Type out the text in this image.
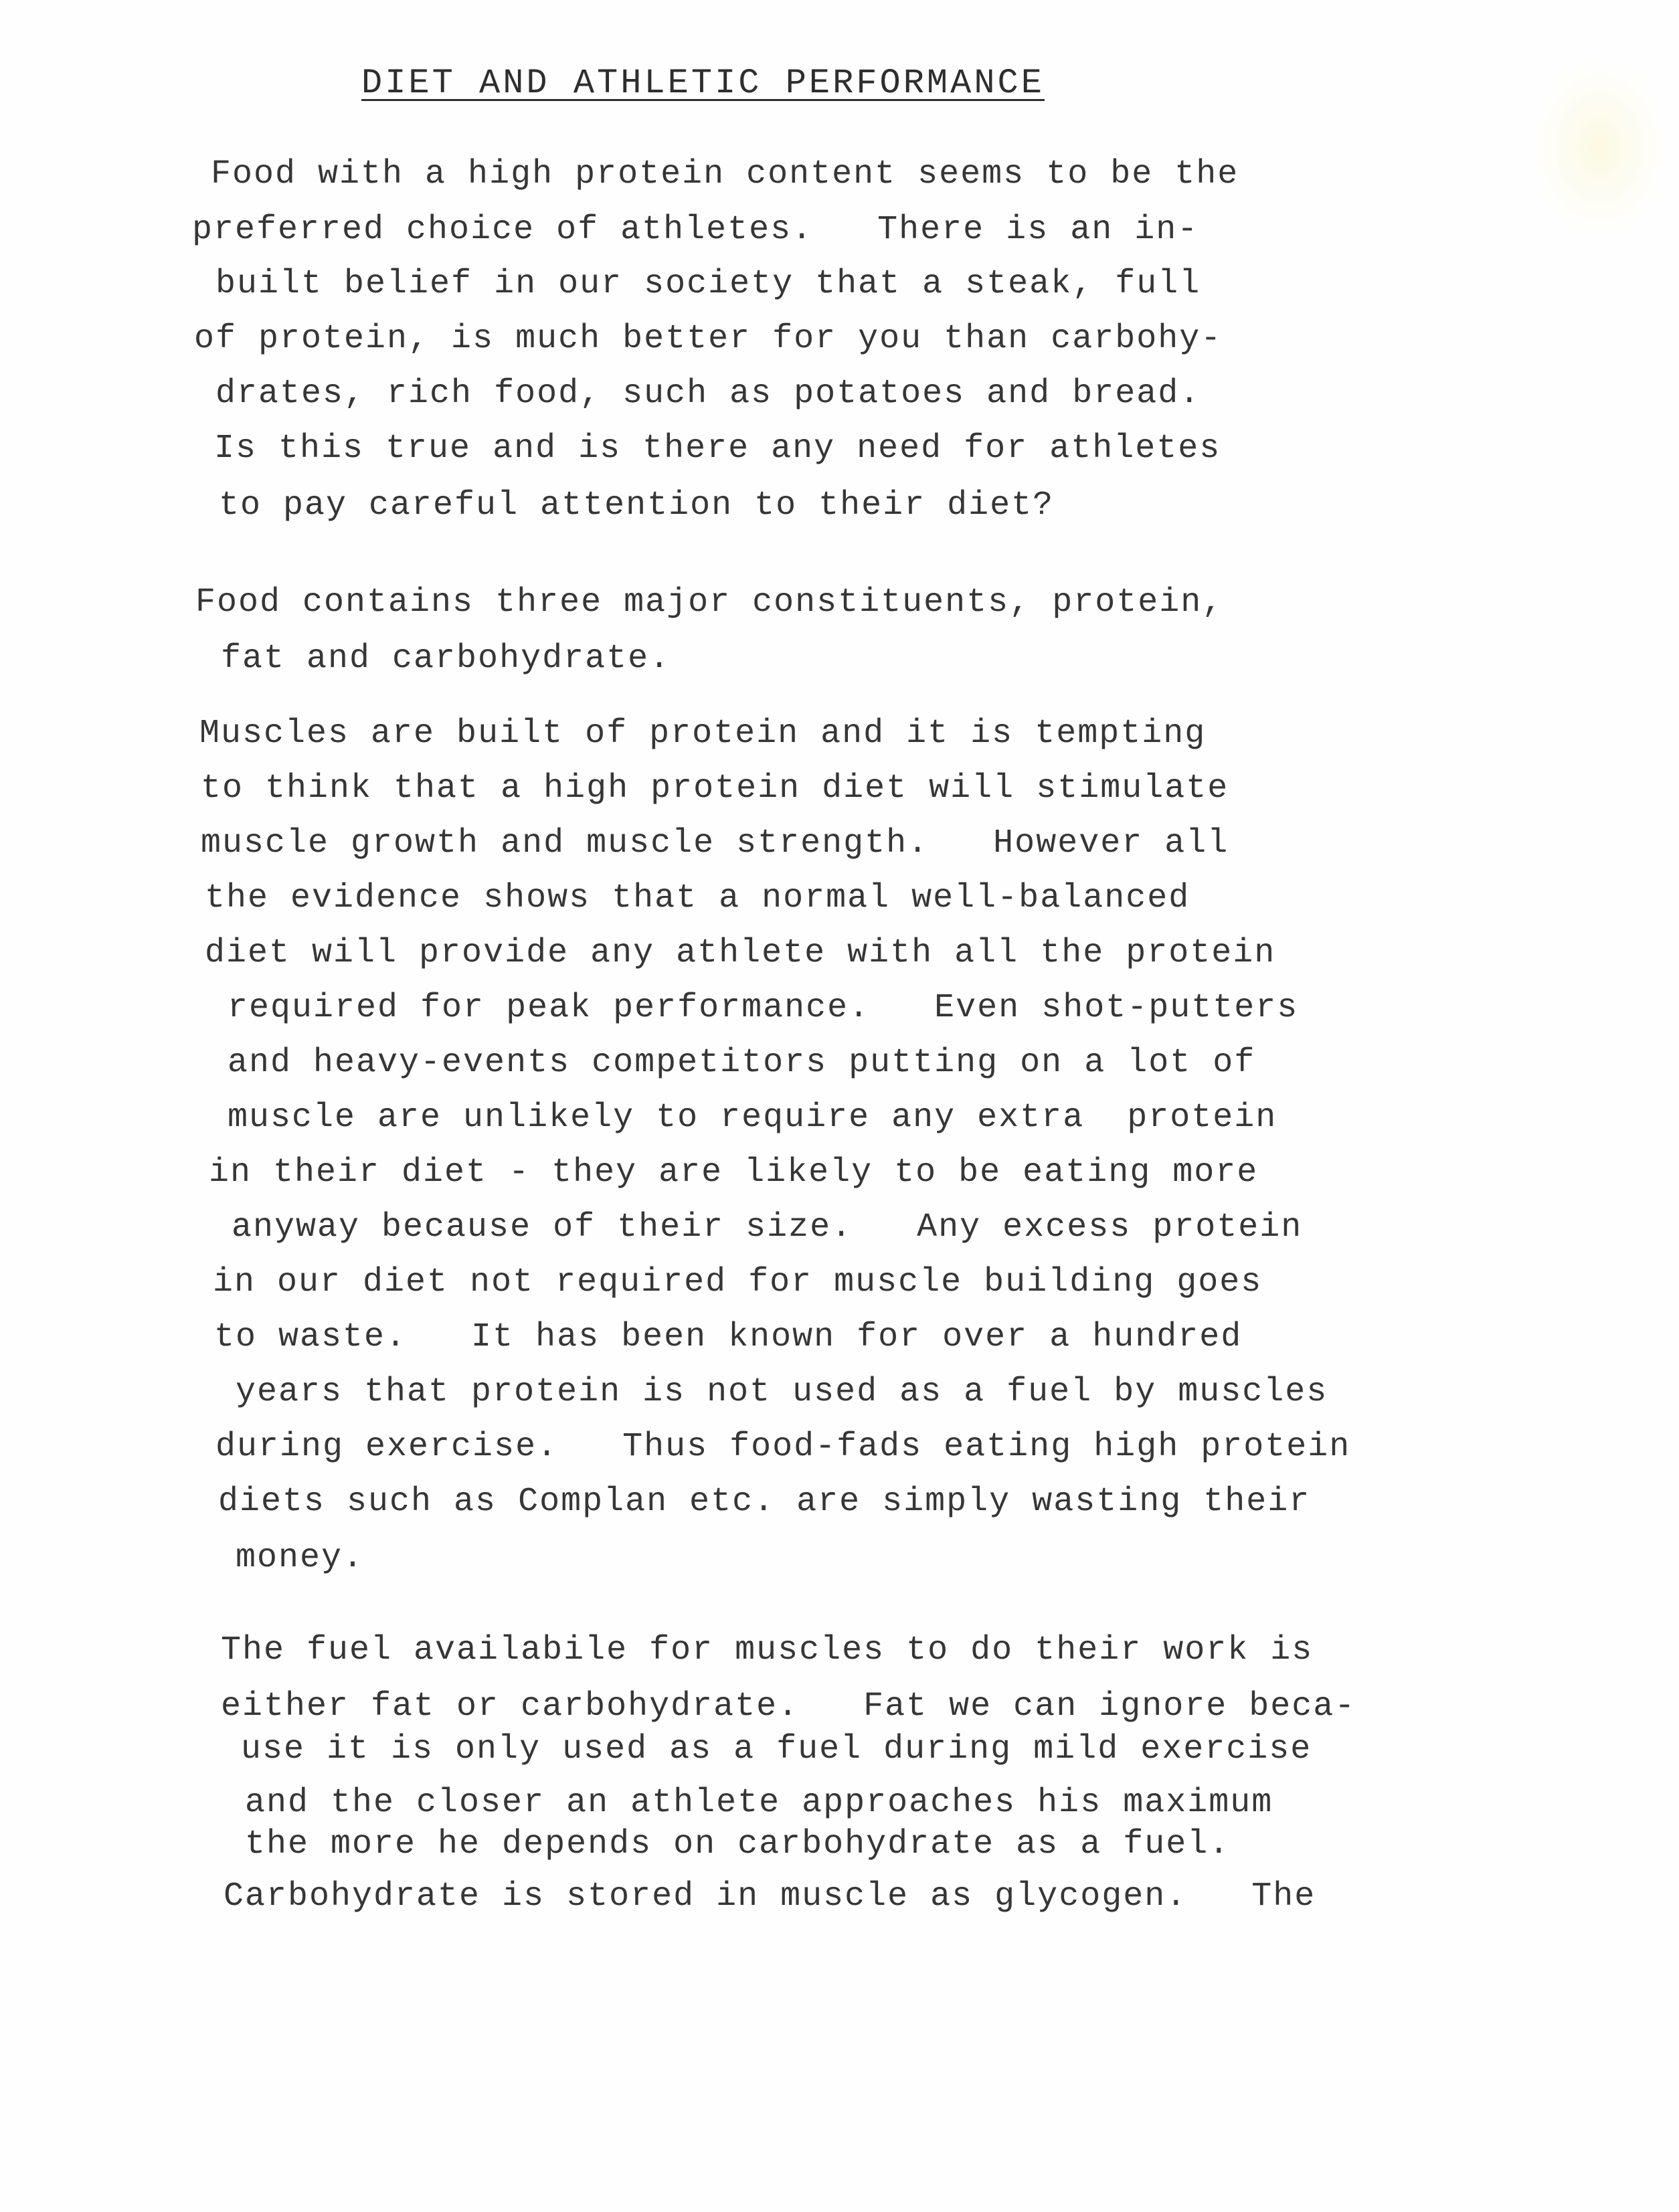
DIET AND ATHLETIC PERFORMANCE
Food with a high protein content seems to be the
preferred choice of athletes.   There is an in-
built belief in our society that a steak, full
of protein, is much better for you than carbohy-
drates, rich food, such as potatoes and bread.
Is this true and is there any need for athletes
to pay careful attention to their diet?
Food contains three major constituents, protein,
fat and carbohydrate.
Muscles are built of protein and it is tempting
to think that a high protein diet will stimulate
muscle growth and muscle strength.   However all
the evidence shows that a normal well-balanced
diet will provide any athlete with all the protein
required for peak performance.   Even shot-putters
and heavy-events competitors putting on a lot of
muscle are unlikely to require any extra  protein
in their diet - they are likely to be eating more
anyway because of their size.   Any excess protein
in our diet not required for muscle building goes
to waste.   It has been known for over a hundred
years that protein is not used as a fuel by muscles
during exercise.   Thus food-fads eating high protein
diets such as Complan etc. are simply wasting their
money.
The fuel availabile for muscles to do their work is
either fat or carbohydrate.   Fat we can ignore beca-
use it is only used as a fuel during mild exercise
and the closer an athlete approaches his maximum
the more he depends on carbohydrate as a fuel.
Carbohydrate is stored in muscle as glycogen.   The
